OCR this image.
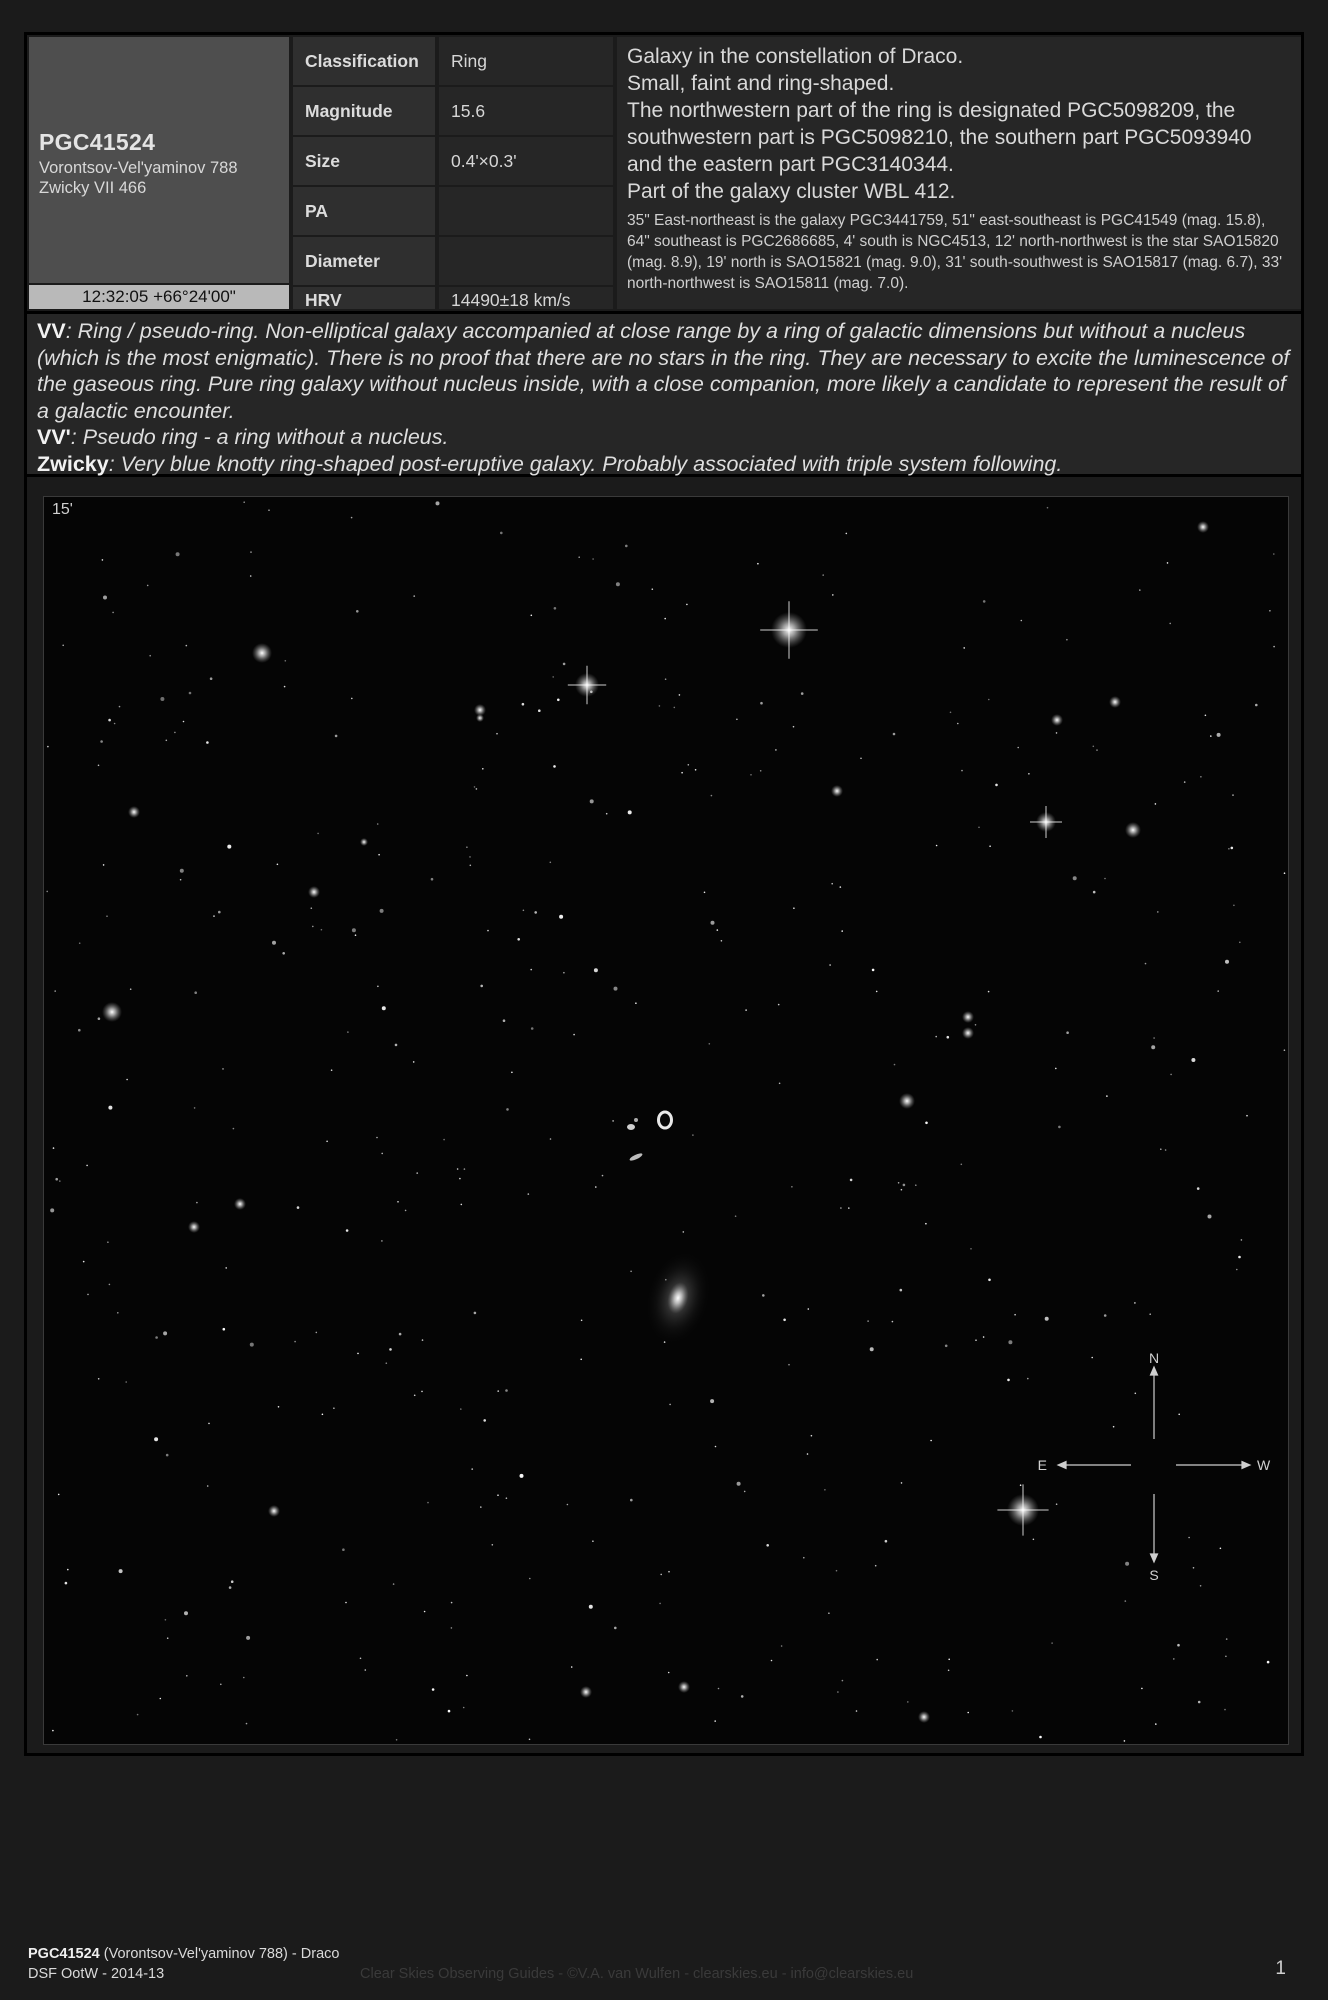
PGC41524
Vorontsov-Vel'yaminov 788
Zwicky VII 466
12:32:05 +66°24'00"
Classification	Ring
Magnitude	15.6
Size	0.4'×0.3'
PA
Diameter
HRV	14490±18 km/s
Galaxy in the constellation of Draco.
Small, faint and ring-shaped.
The northwestern part of the ring is designated PGC5098209, the southwestern part is PGC5098210, the southern part PGC5093940 and the eastern part PGC3140344.
Part of the galaxy cluster WBL 412.
35" East-northeast is the galaxy PGC3441759, 51" east-southeast is PGC41549 (mag. 15.8), 64" southeast is PGC2686685, 4' south is NGC4513, 12' north-northwest is the star SAO15820 (mag. 8.9), 19' north is SAO15821 (mag. 9.0), 31' south-southwest is SAO15817 (mag. 6.7), 33' north-northwest is SAO15811 (mag. 7.0).

VV: Ring / pseudo-ring. Non-elliptical galaxy accompanied at close range by a ring of galactic dimensions but without a nucleus (which is the most enigmatic). There is no proof that there are no stars in the ring. They are necessary to excite the luminescence of the gaseous ring. Pure ring galaxy without nucleus inside, with a close companion, more likely a candidate to represent the result of a galactic encounter.

VV': Pseudo ring - a ring without a nucleus.

Zwicky: Very blue knotty ring-shaped post-eruptive galaxy. Probably associated with triple system following.

N
S
E	W
15'
PGC41524 (Vorontsov-Vel'yaminov 788) - Draco
DSF OotW - 2014-13	Clear Skies Observing Guides - ©V.A. van Wulfen - clearskies.eu - info@clearskies.eu	1
